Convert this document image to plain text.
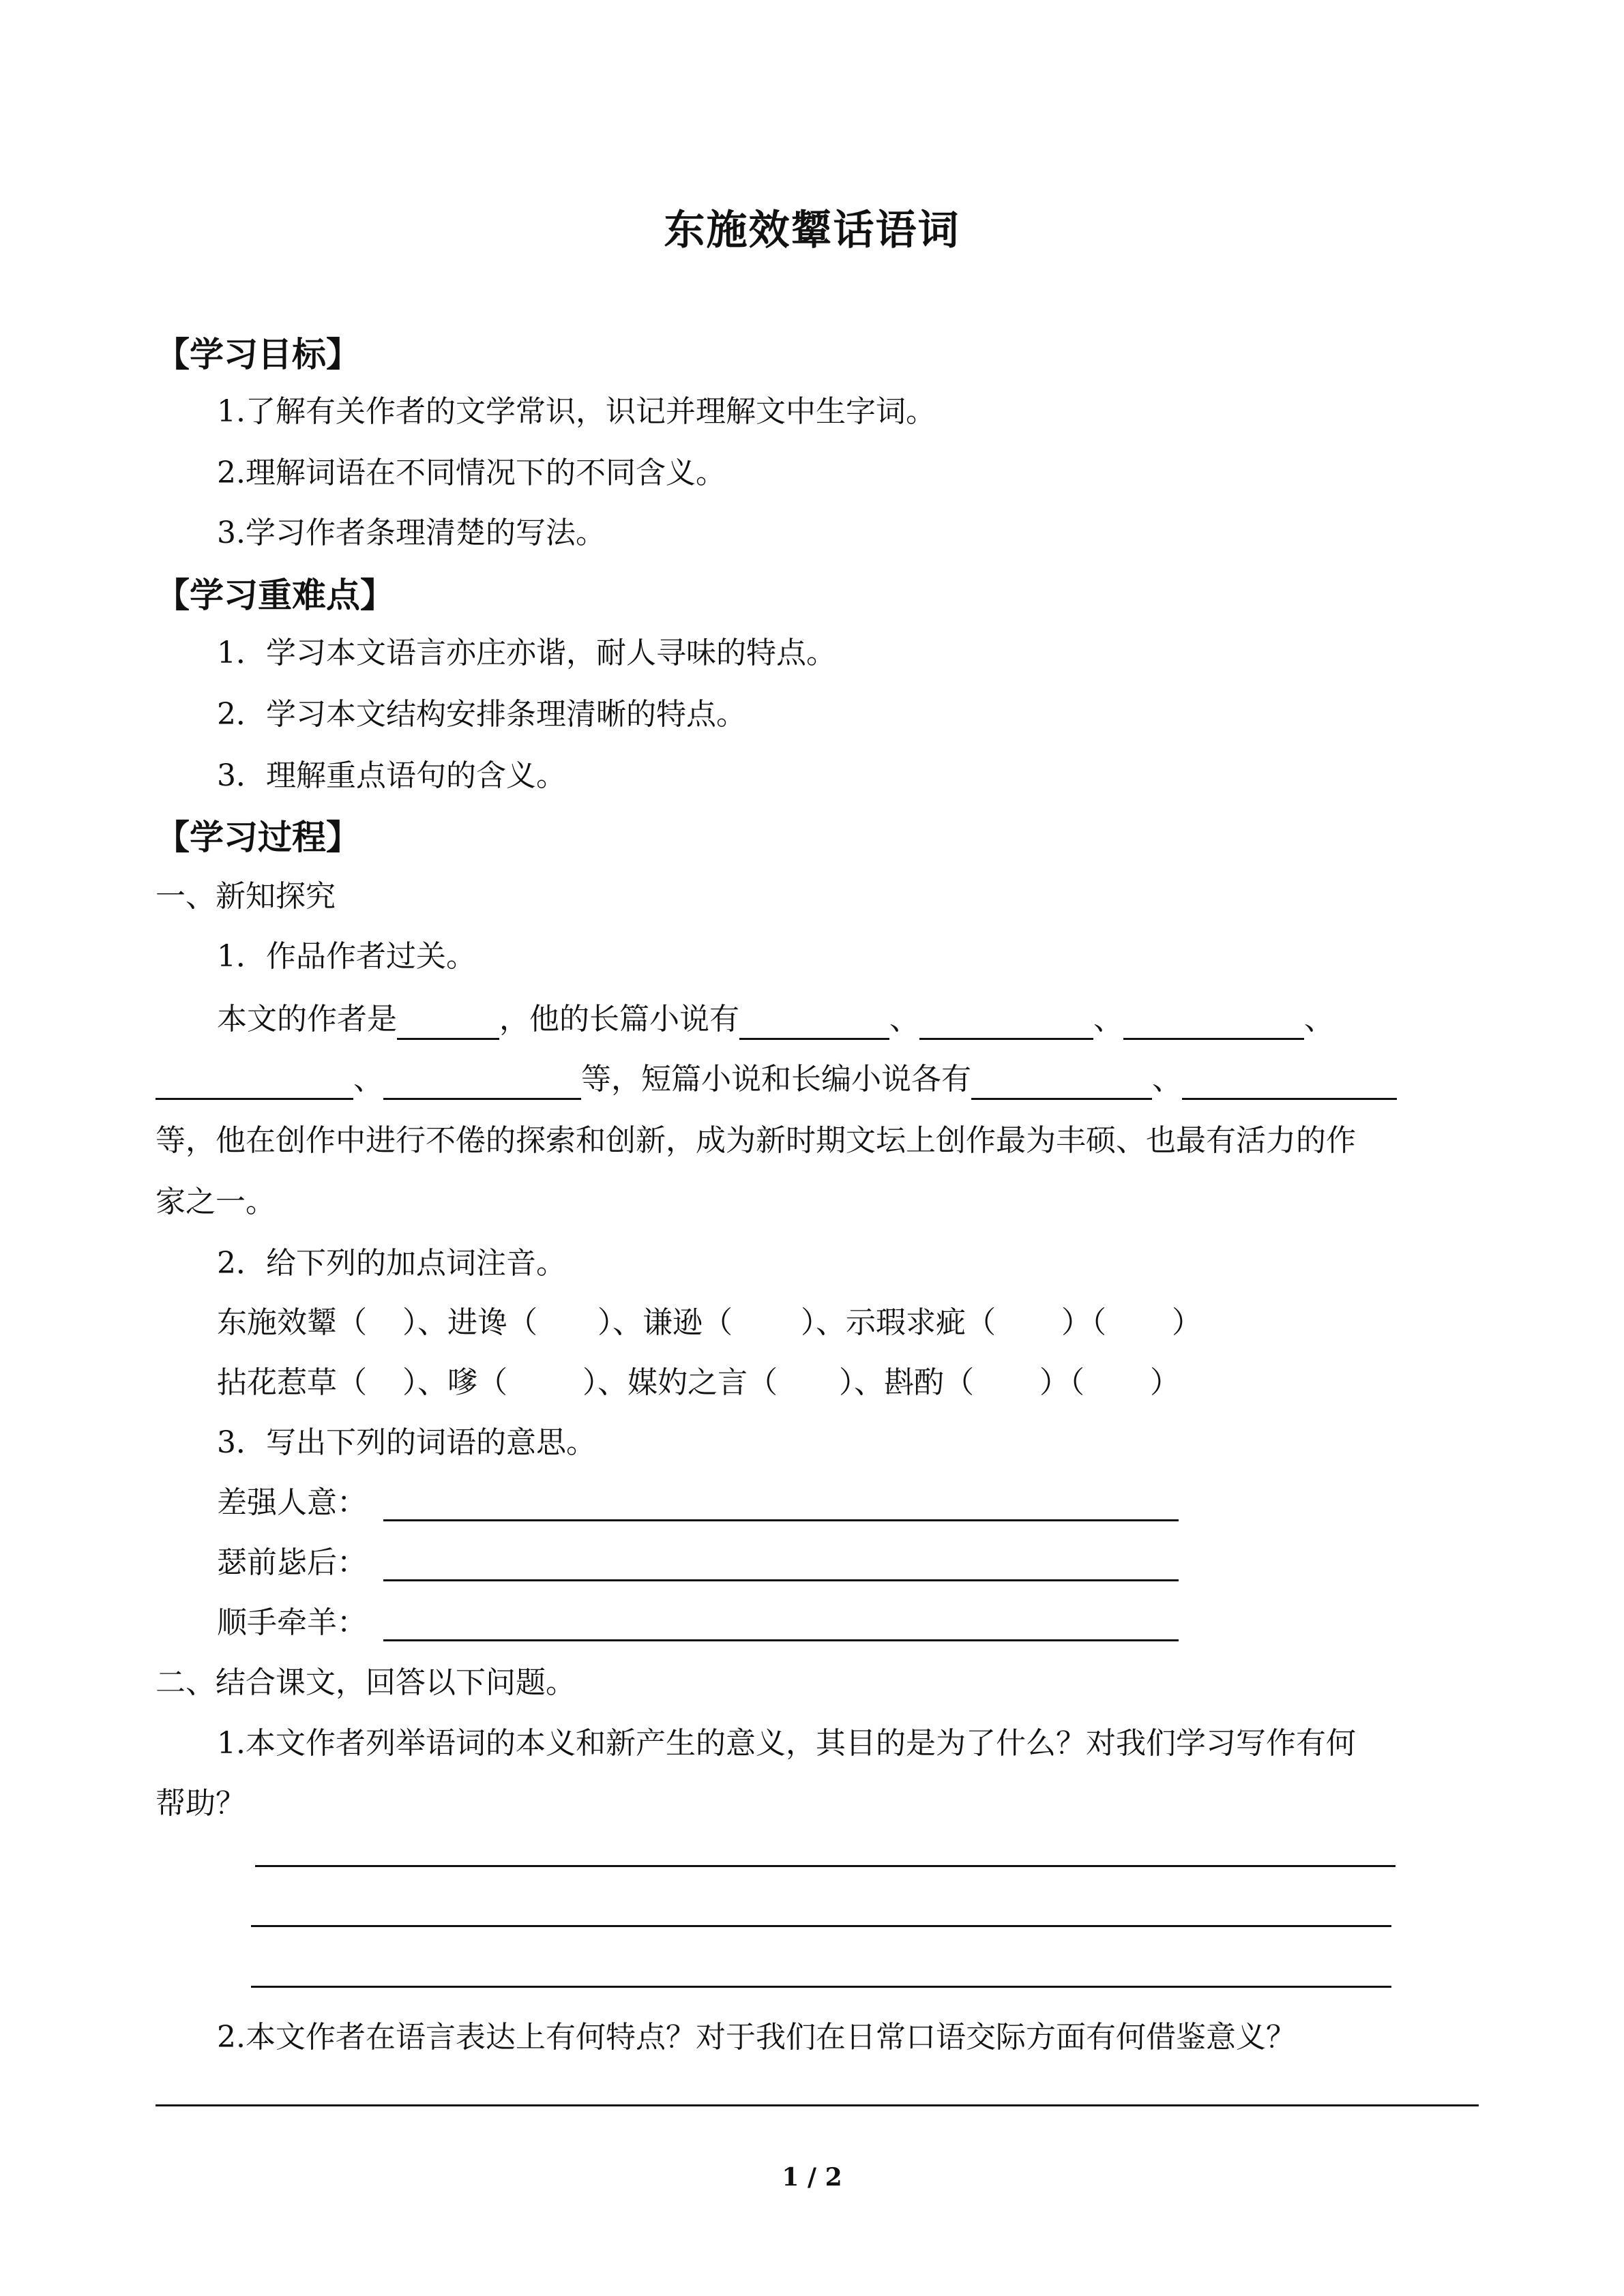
东施效颦话语词
【学习目标】
1.了解有关作者的文学常识，识记并理解文中生字词。
2.理解词语在不同情况下的不同含义。
3.学习作者条理清楚的写法。
【学习重难点】
1．学习本文语言亦庄亦谐，耐人寻味的特点。
2．学习本文结构安排条理清晰的特点。
3．理解重点语句的含义。
【学习过程】
一、新知探究
1．作品作者过关。
本文的作者是	，他的长篇小说有	、	、	、
、	等，短篇小说和长编小说各有	、
等，他在创作中进行不倦的探索和创新，成为新时期文坛上创作最为丰硕、也最有活力的作
家之一。
2．给下列的加点词注音。
东施效颦（ ）、进谗（ ）、谦逊（ ）、示瑕求疵（ ）（ ）
拈花惹草（ ）、嗲（	）、媒妁之言（ ）、斟酌（ ）（ ）
3．写出下列的词语的意思。
差强人意：
瑟前毖后：
顺手牵羊：
二、结合课文，回答以下问题。
1.本文作者列举语词的本义和新产生的意义，其目的是为了什么？对我们学习写作有何
帮助？
2.本文作者在语言表达上有何特点？对于我们在日常口语交际方面有何借鉴意义？
1 / 2
